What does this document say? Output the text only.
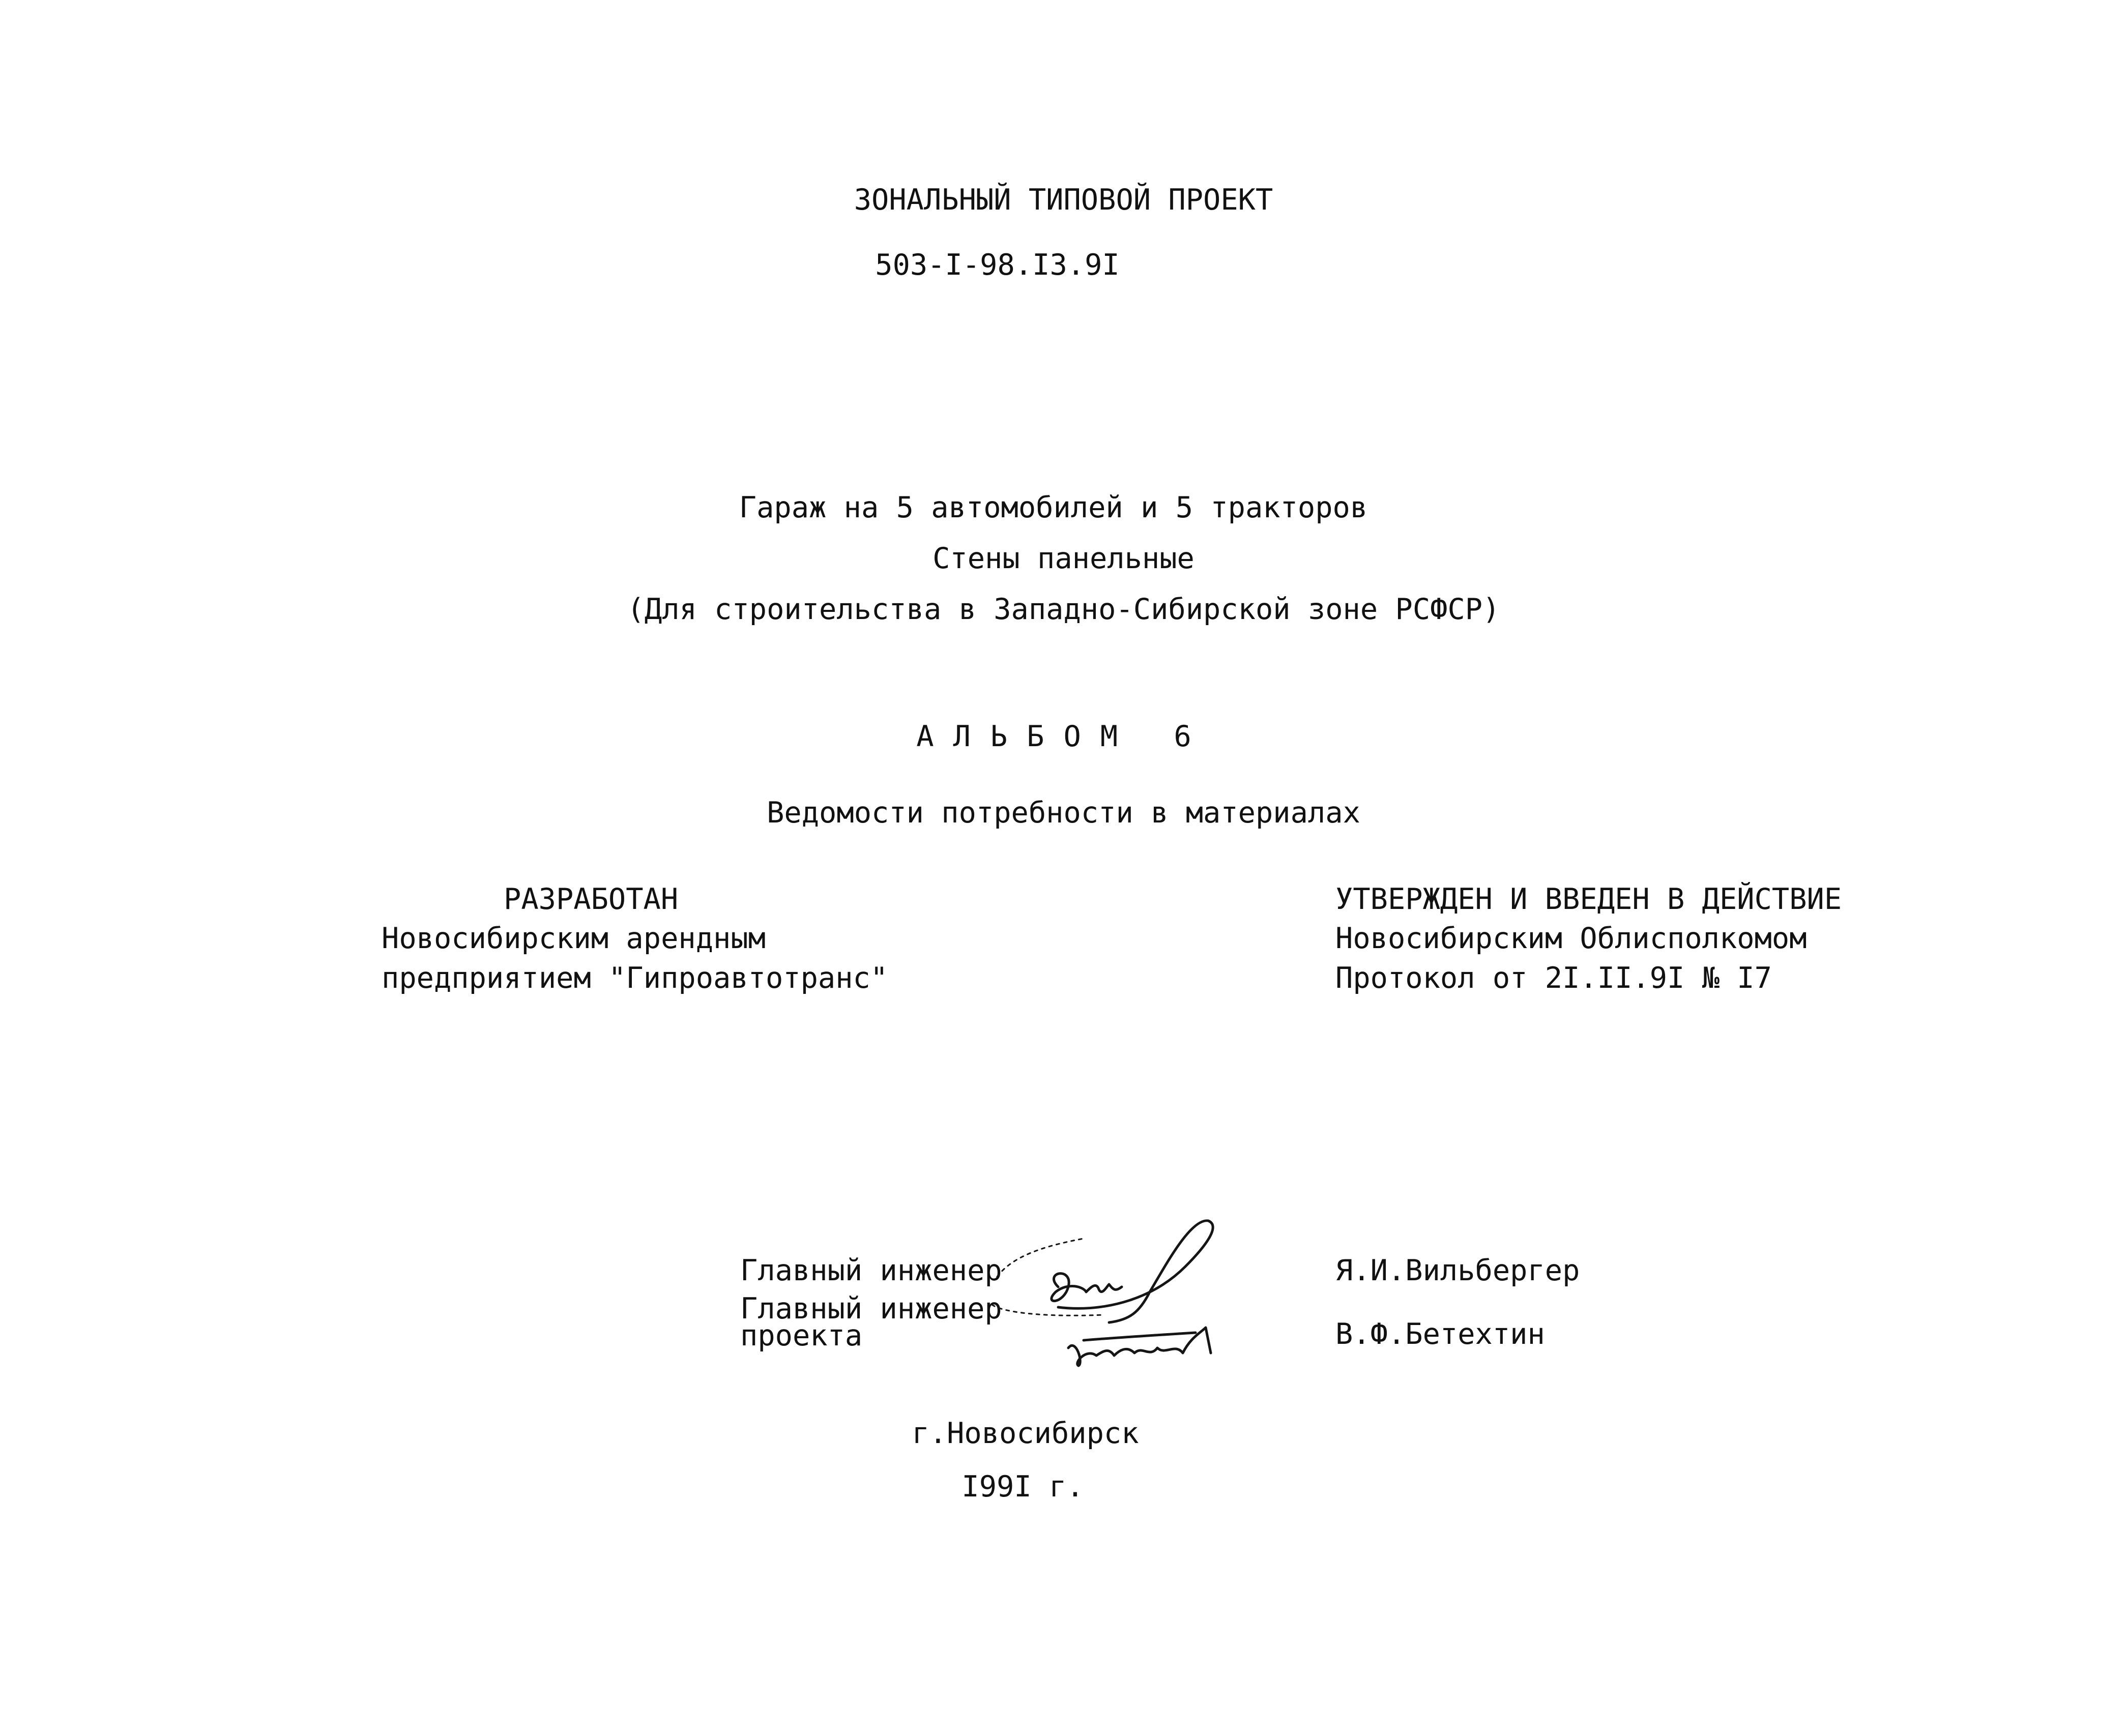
ЗОНАЛЬНЫЙ ТИПОВОЙ ПРОЕКТ
503-I-98.I3.9I
Гараж на 5 автомобилей и 5 тракторов
Стены панельные
(Для строительства в Западно-Сибирской зоне РСФСР)
АЛЬБОМ 6
Ведомости потребности в материалах
РАЗРАБОТАН
Новосибирским арендным
предприятием "Гипроавтотранс"
УТВЕРЖДЕН И ВВЕДЕН В ДЕЙСТВИЕ
Новосибирским Облисполкомом
Протокол от 2I.II.9I № I7
Главный инженер	Я.И.Вильбергер
Главный инженер
проекта	В.Ф.Бетехтин
г.Новосибирск
I99I г.
